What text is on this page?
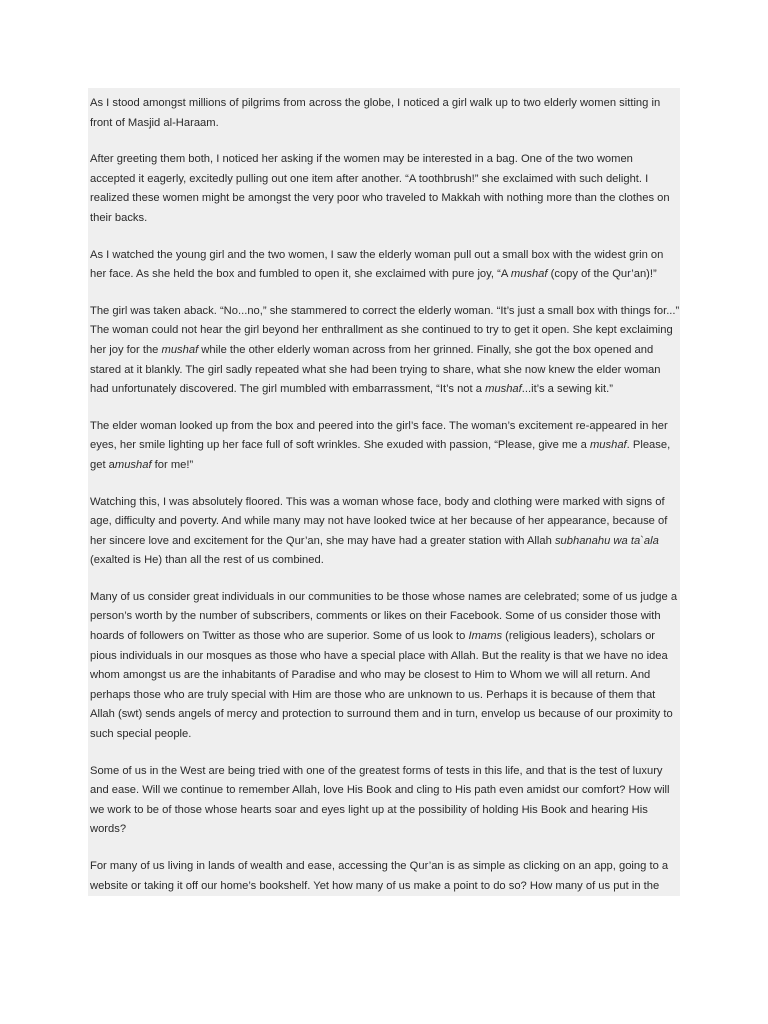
As I stood amongst millions of pilgrims from across the globe, I noticed a girl walk up to two elderly women sitting in front of Masjid al-Haraam.

After greeting them both, I noticed her asking if the women may be interested in a bag. One of the two women accepted it eagerly, excitedly pulling out one item after another. “A toothbrush!” she exclaimed with such delight. I realized these women might be amongst the very poor who traveled to Makkah with nothing more than the clothes on their backs.

As I watched the young girl and the two women, I saw the elderly woman pull out a small box with the widest grin on her face. As she held the box and fumbled to open it, she exclaimed with pure joy, “A mushaf (copy of the Qur’an)!”

The girl was taken aback. “No...no,” she stammered to correct the elderly woman. “It’s just a small box with things for...” The woman could not hear the girl beyond her enthrallment as she continued to try to get it open. She kept exclaiming her joy for the mushaf while the other elderly woman across from her grinned. Finally, she got the box opened and stared at it blankly. The girl sadly repeated what she had been trying to share, what she now knew the elder woman had unfortunately discovered. The girl mumbled with embarrassment, “It’s not a mushaf...it’s a sewing kit.”

The elder woman looked up from the box and peered into the girl’s face. The woman’s excitement re-appeared in her eyes, her smile lighting up her face full of soft wrinkles. She exuded with passion, “Please, give me a mushaf. Please, get amushaf for me!”

Watching this, I was absolutely floored. This was a woman whose face, body and clothing were marked with signs of age, difficulty and poverty. And while many may not have looked twice at her because of her appearance, because of her sincere love and excitement for the Qur’an, she may have had a greater station with Allah subhanahu wa ta`ala (exalted is He) than all the rest of us combined.

Many of us consider great individuals in our communities to be those whose names are celebrated; some of us judge a person’s worth by the number of subscribers, comments or likes on their Facebook. Some of us consider those with hoards of followers on Twitter as those who are superior. Some of us look to Imams (religious leaders), scholars or pious individuals in our mosques as those who have a special place with Allah. But the reality is that we have no idea whom amongst us are the inhabitants of Paradise and who may be closest to Him to Whom we will all return. And perhaps those who are truly special with Him are those who are unknown to us. Perhaps it is because of them that Allah (swt) sends angels of mercy and protection to surround them and in turn, envelop us because of our proximity to such special people.

Some of us in the West are being tried with one of the greatest forms of tests in this life, and that is the test of luxury and ease. Will we continue to remember Allah, love His Book and cling to His path even amidst our comfort? How will we work to be of those whose hearts soar and eyes light up at the possibility of holding His Book and hearing His words?

For many of us living in lands of wealth and ease, accessing the Qur’an is as simple as clicking on an app, going to a website or taking it off our home’s bookshelf. Yet how many of us make a point to do so? How many of us put in the
